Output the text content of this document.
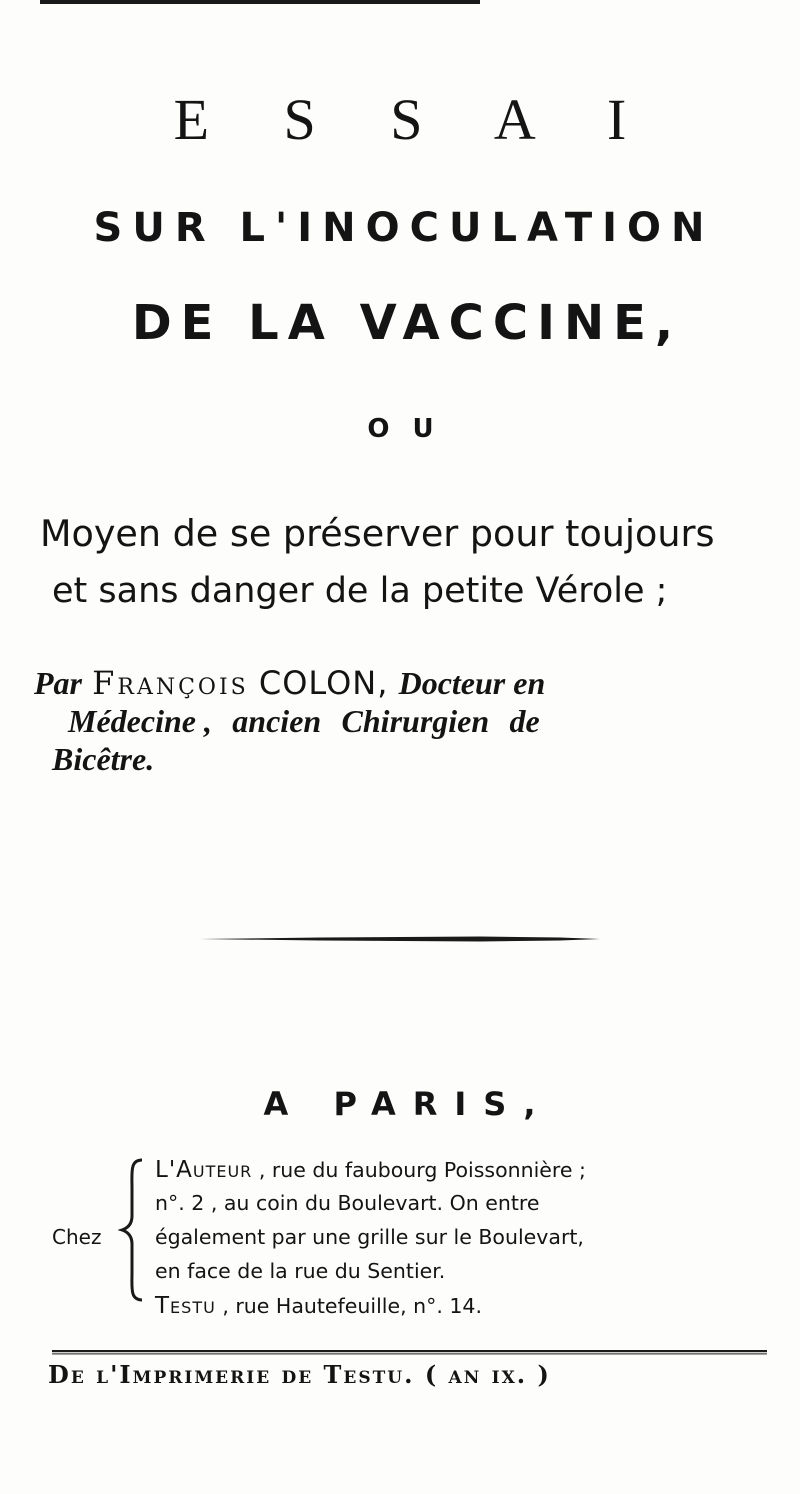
E S S A I
SUR L'INOCULATION
DE LA VACCINE,
O U
Moyen de se préserver pour toujours
et sans danger de la petite Vérole ;
Par François COLON, Docteur en
Médecine , ancien Chirurgien de
Bicêtre.
A PARIS,
Chez
L'Auteur , rue du faubourg Poissonnière ;
n°. 2 , au coin du Boulevart. On entre
également par une grille sur le Boulevart,
en face de la rue du Sentier.
Testu , rue Hautefeuille, n°. 14.
De l'Imprimerie de Testu. ( an ix. )
